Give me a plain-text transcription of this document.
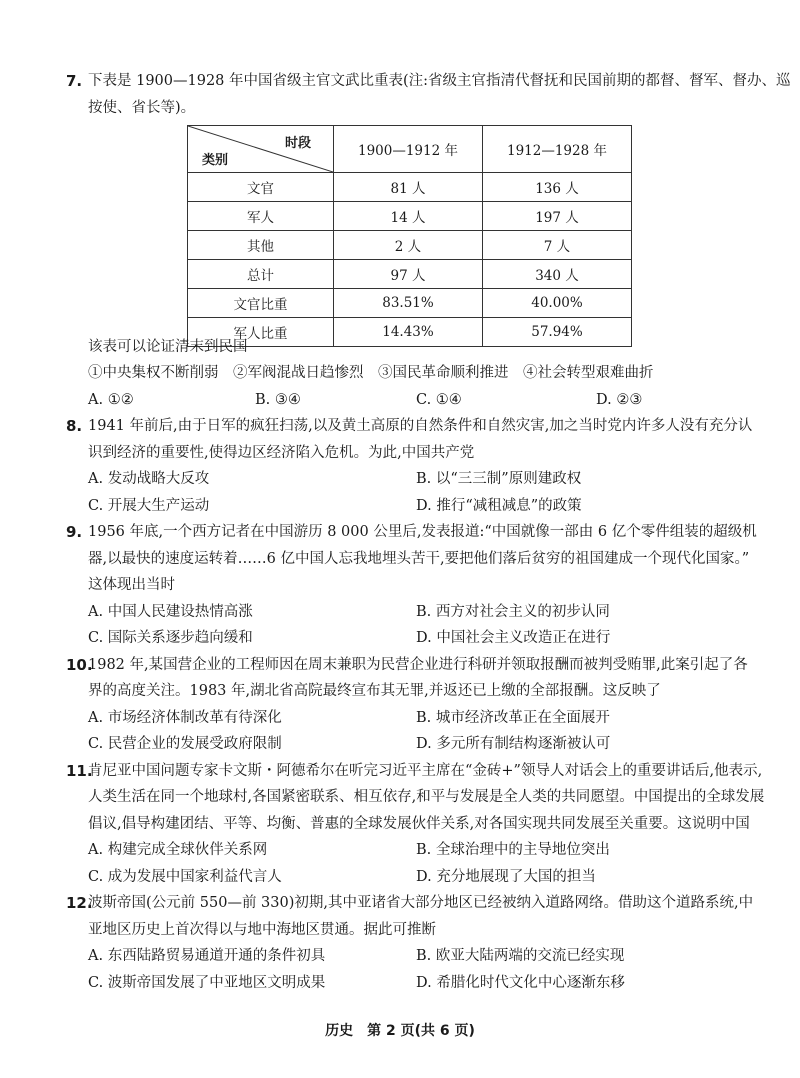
7. 下表是 1900—1928 年中国省级主官文武比重表(注:省级主官指清代督抚和民国前期的都督、督军、督办、巡
按使、省长等)。
时段
类别	1900—1912 年	1912—1928 年
文官	81 人	136 人
军人	14 人	197 人
其他	2 人	7 人
总计	97 人	340 人
文官比重	83.51%	40.00%
军人比重	14.43%	57.94%
该表可以论证清末到民国
①中央集权不断削弱　②军阀混战日趋惨烈　③国民革命顺利推进　④社会转型艰难曲折
A. ①②	B. ③④	C. ①④	D. ②③
8. 1941 年前后,由于日军的疯狂扫荡,以及黄土高原的自然条件和自然灾害,加之当时党内许多人没有充分认
识到经济的重要性,使得边区经济陷入危机。为此,中国共产党
A. 发动战略大反攻	B. 以“三三制”原则建政权
C. 开展大生产运动	D. 推行“减租减息”的政策
9. 1956 年底,一个西方记者在中国游历 8 000 公里后,发表报道:“中国就像一部由 6 亿个零件组装的超级机
器,以最快的速度运转着……6 亿中国人忘我地埋头苦干,要把他们落后贫穷的祖国建成一个现代化国家。”
这体现出当时
A. 中国人民建设热情高涨	B. 西方对社会主义的初步认同
C. 国际关系逐步趋向缓和	D. 中国社会主义改造正在进行
10.
1982 年,某国营企业的工程师因在周末兼职为民营企业进行科研并领取报酬而被判受贿罪,此案引起了各
界的高度关注。1983 年,湖北省高院最终宣布其无罪,并返还已上缴的全部报酬。这反映了
A. 市场经济体制改革有待深化	B. 城市经济改革正在全面展开
C. 民营企业的发展受政府限制	D. 多元所有制结构逐渐被认可
11.
肯尼亚中国问题专家卡文斯・阿德希尔在听完习近平主席在“金砖+”领导人对话会上的重要讲话后,他表示,
人类生活在同一个地球村,各国紧密联系、相互依存,和平与发展是全人类的共同愿望。中国提出的全球发展
倡议,倡导构建团结、平等、均衡、普惠的全球发展伙伴关系,对各国实现共同发展至关重要。这说明中国
A. 构建完成全球伙伴关系网	B. 全球治理中的主导地位突出
C. 成为发展中国家利益代言人	D. 充分地展现了大国的担当
12.
波斯帝国(公元前 550—前 330)初期,其中亚诸省大部分地区已经被纳入道路网络。借助这个道路系统,中
亚地区历史上首次得以与地中海地区贯通。据此可推断
A. 东西陆路贸易通道开通的条件初具	B. 欧亚大陆两端的交流已经实现
C. 波斯帝国发展了中亚地区文明成果	D. 希腊化时代文化中心逐渐东移
历史　第 2 页(共 6 页)
